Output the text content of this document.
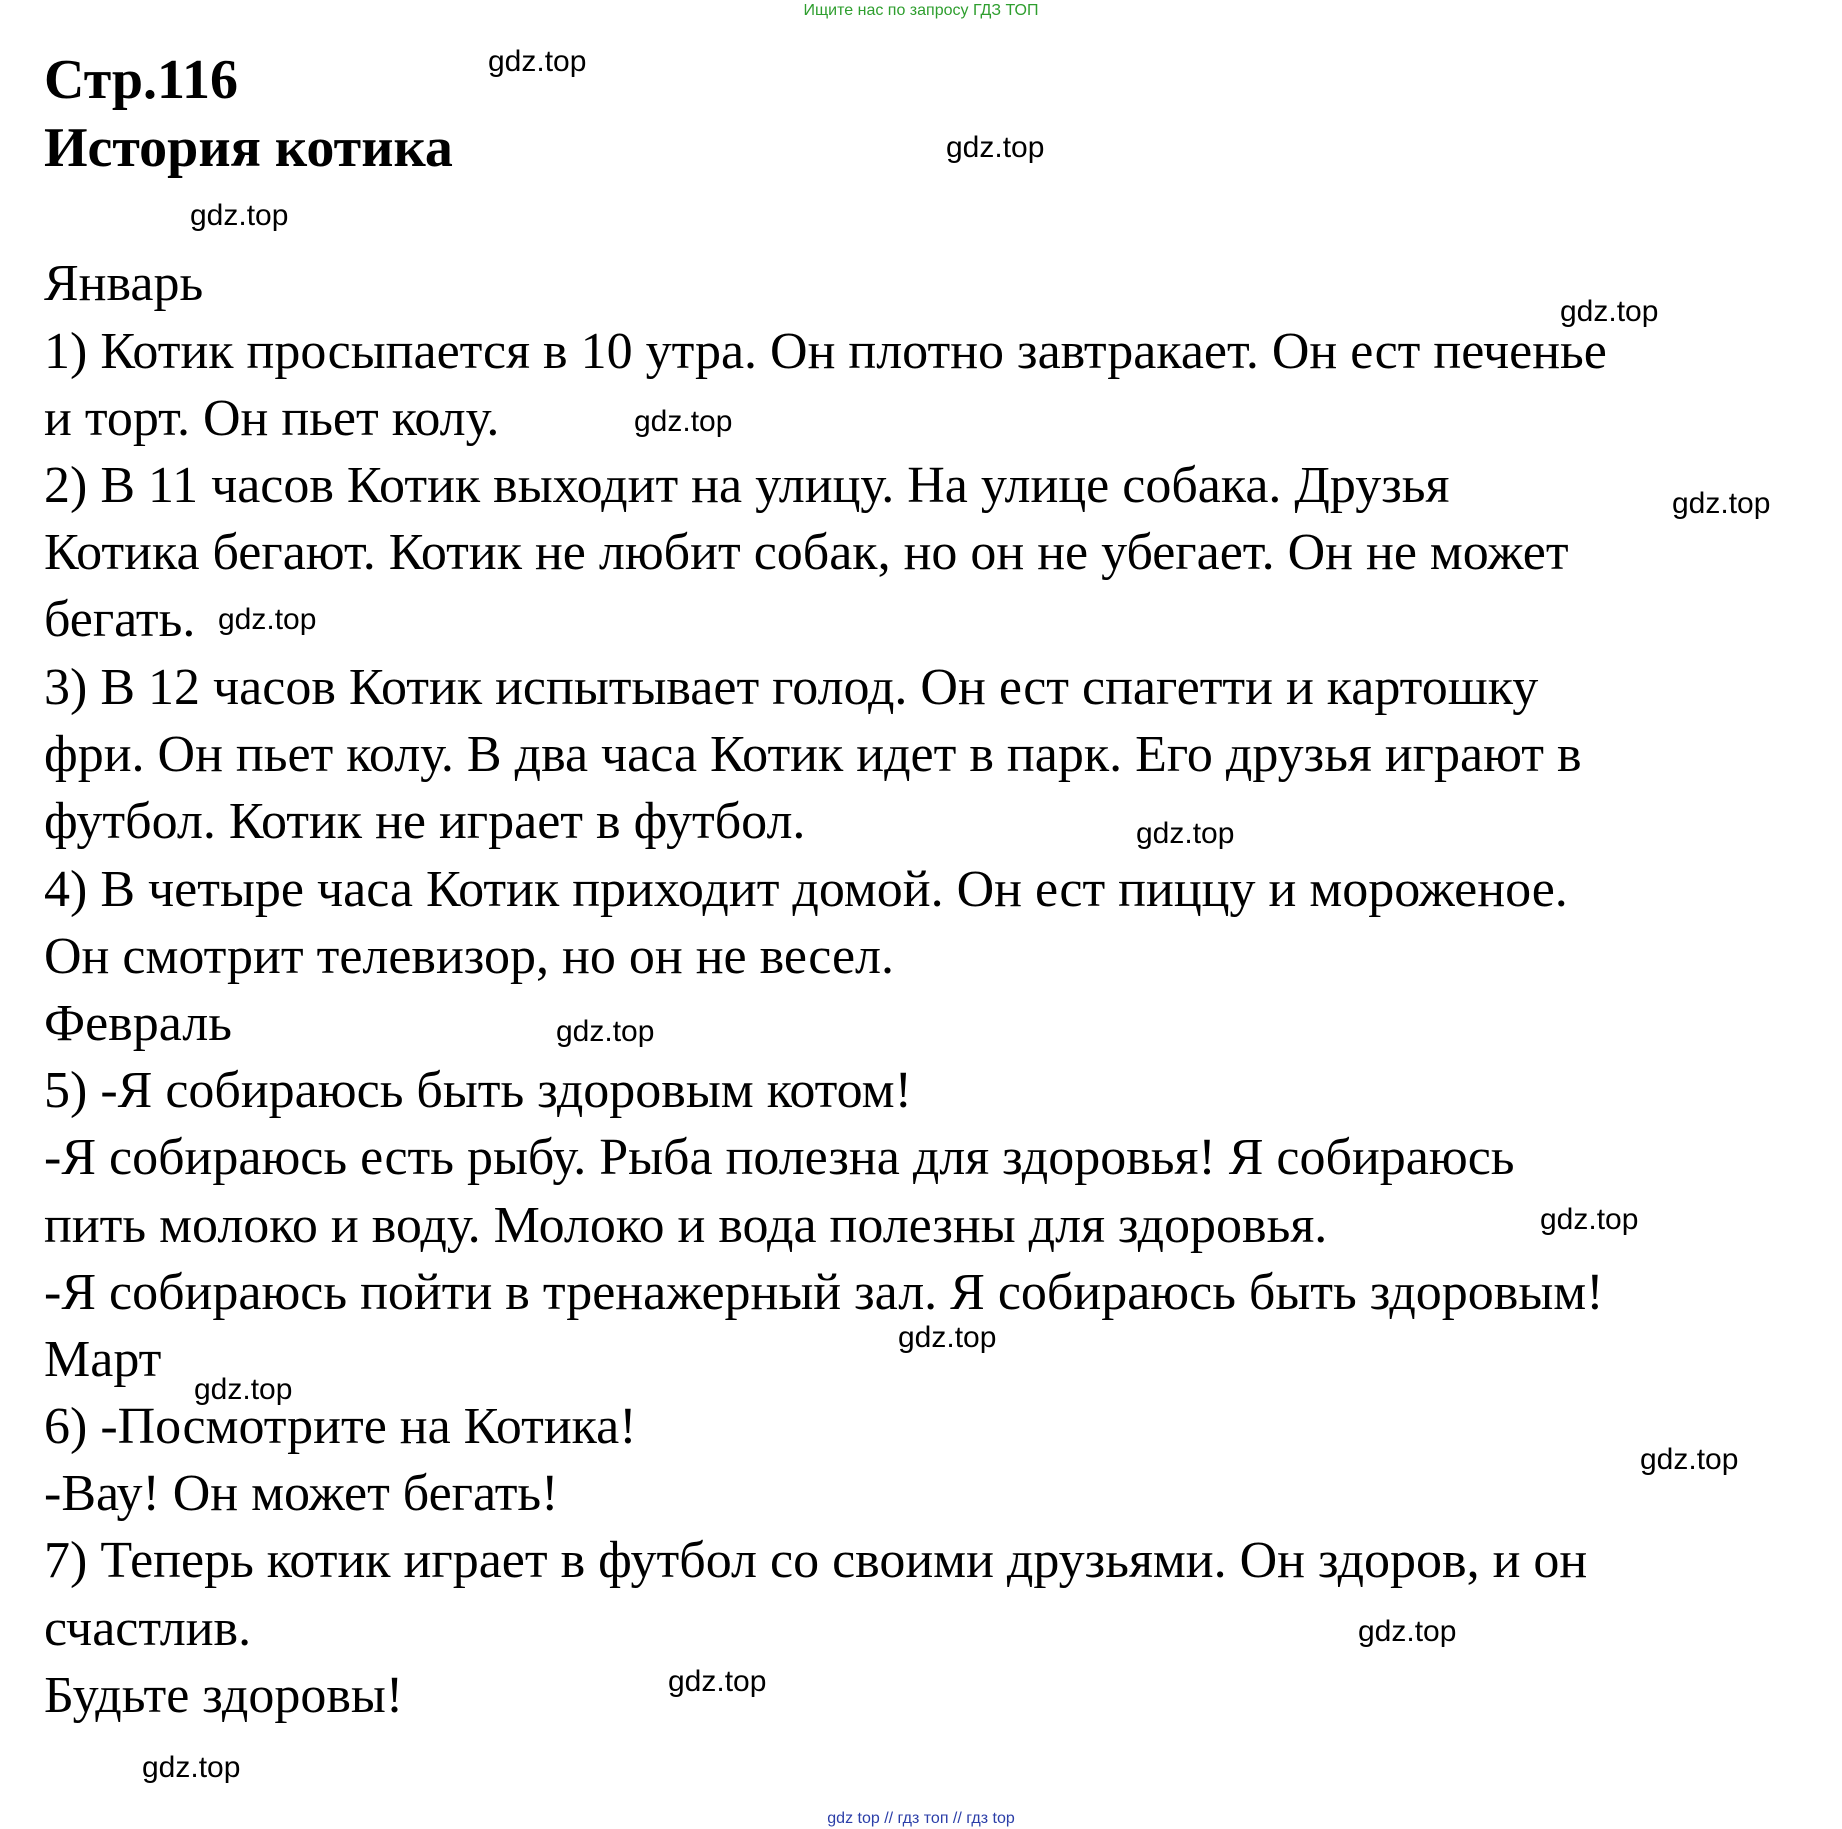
Ищите нас по запросу ГДЗ ТОП
Стр.116
История котика
Январь
1) Котик просыпается в 10 утра. Он плотно завтракает. Он ест печенье
и торт. Он пьет колу.
2) В 11 часов Котик выходит на улицу. На улице собака. Друзья
Котика бегают. Котик не любит собак, но он не убегает. Он не может
бегать.
3) В 12 часов Котик испытывает голод. Он ест спагетти и картошку
фри. Он пьет колу. В два часа Котик идет в парк. Его друзья играют в
футбол. Котик не играет в футбол.
4) В четыре часа Котик приходит домой. Он ест пиццу и мороженое.
Он смотрит телевизор, но он не весел.
Февраль
5) -Я собираюсь быть здоровым котом!
-Я собираюсь есть рыбу. Рыба полезна для здоровья! Я собираюсь
пить молоко и воду. Молоко и вода полезны для здоровья.
-Я собираюсь пойти в тренажерный зал. Я собираюсь быть здоровым!
Март
6) -Посмотрите на Котика!
-Вау! Он может бегать!
7) Теперь котик играет в футбол со своими друзьями. Он здоров, и он
счастлив.
Будьте здоровы!
gdz.top
gdz.top
gdz.top
gdz.top
gdz.top
gdz.top
gdz.top
gdz.top
gdz.top
gdz.top
gdz.top
gdz.top
gdz.top
gdz.top
gdz.top
gdz.top
gdz top // гдз топ // гдз top
